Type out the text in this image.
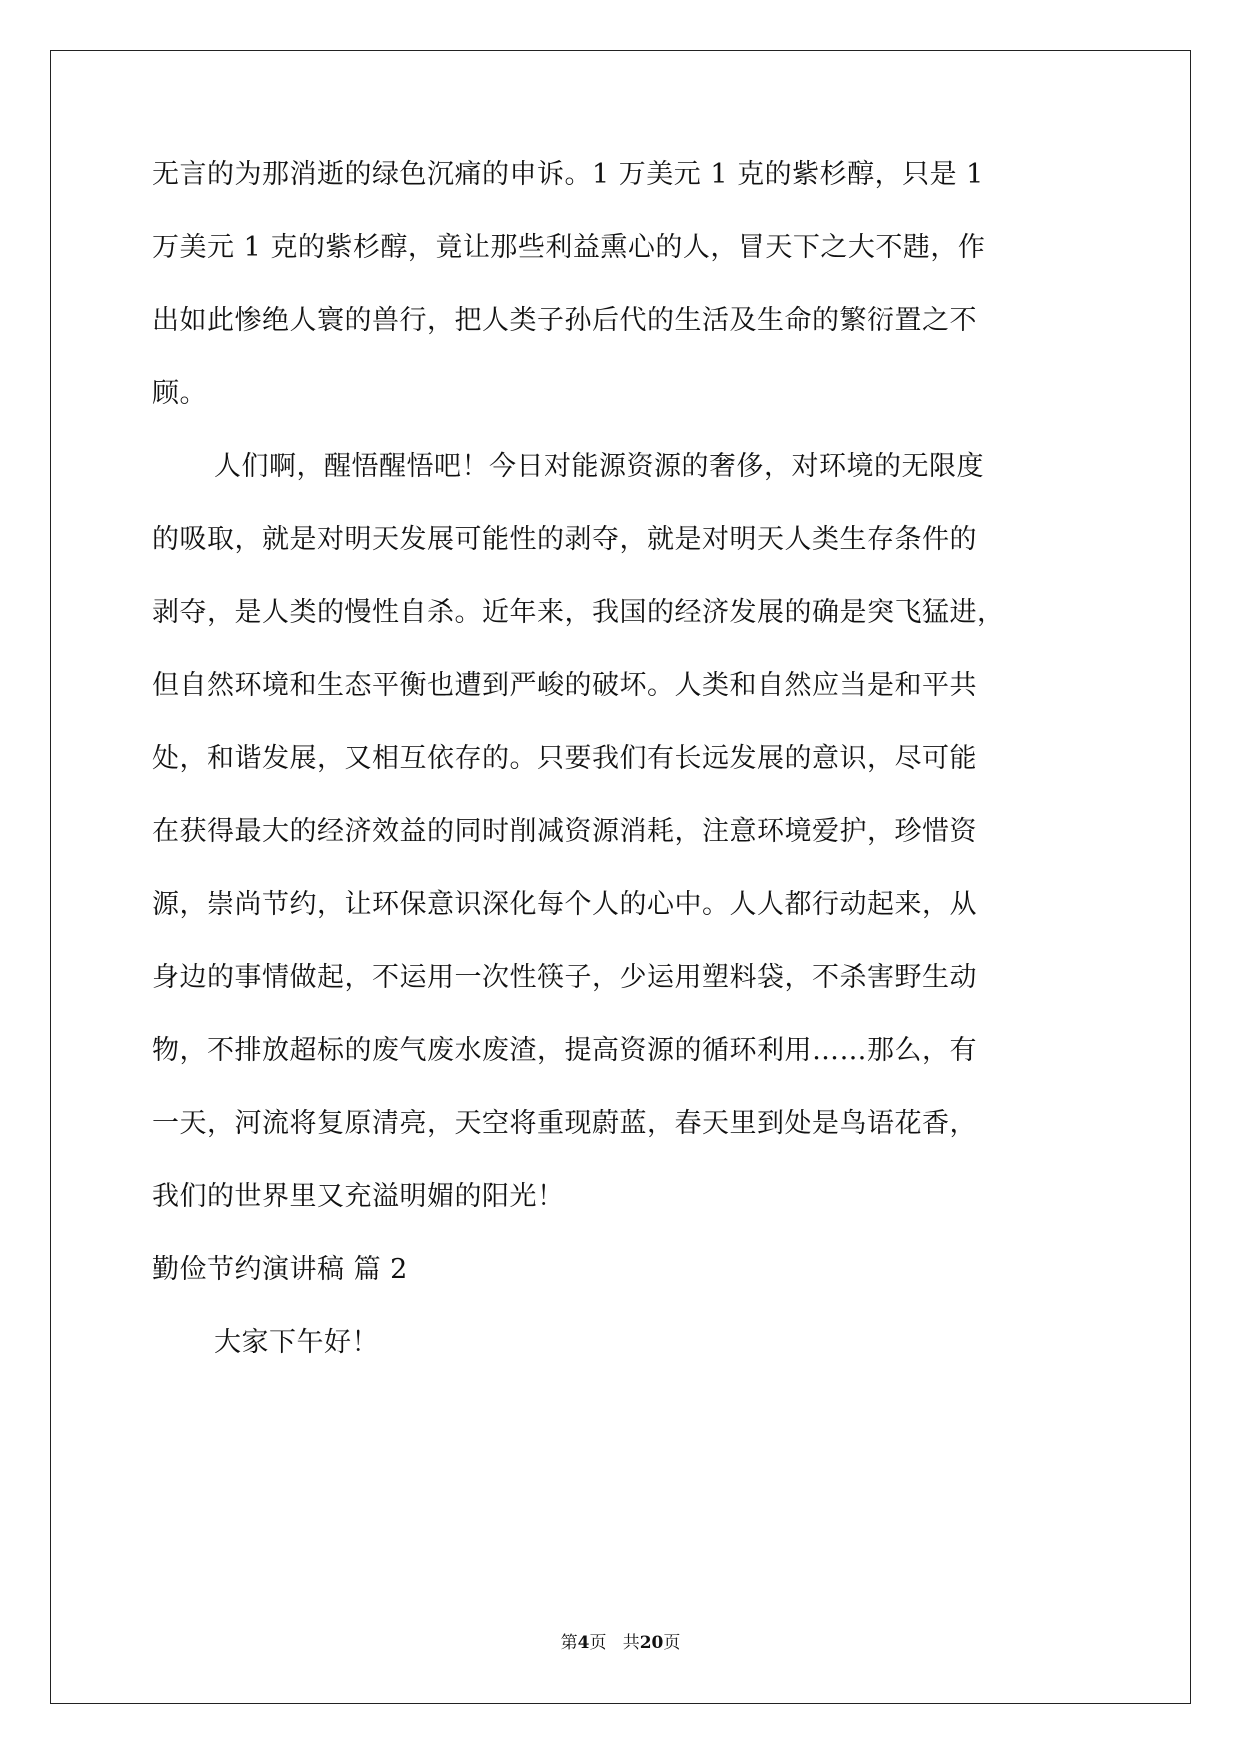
无言的为那消逝的绿色沉痛的申诉。1 万美元 1 克的紫杉醇，只是 1
万美元 1 克的紫杉醇，竟让那些利益熏心的人，冒天下之大不韪，作
出如此惨绝人寰的兽行，把人类子孙后代的生活及生命的繁衍置之不
顾。
人们啊，醒悟醒悟吧！今日对能源资源的奢侈，对环境的无限度
的吸取，就是对明天发展可能性的剥夺，就是对明天人类生存条件的
剥夺，是人类的慢性自杀。近年来，我国的经济发展的确是突飞猛进，
但自然环境和生态平衡也遭到严峻的破坏。人类和自然应当是和平共
处，和谐发展，又相互依存的。只要我们有长远发展的意识，尽可能
在获得最大的经济效益的同时削减资源消耗，注意环境爱护，珍惜资
源，崇尚节约，让环保意识深化每个人的心中。人人都行动起来，从
身边的事情做起，不运用一次性筷子，少运用塑料袋，不杀害野生动
物，不排放超标的废气废水废渣，提高资源的循环利用……那么，有
一天，河流将复原清亮，天空将重现蔚蓝，春天里到处是鸟语花香，
我们的世界里又充溢明媚的阳光！
勤俭节约演讲稿 篇 2
大家下午好！
第4页 共20页
